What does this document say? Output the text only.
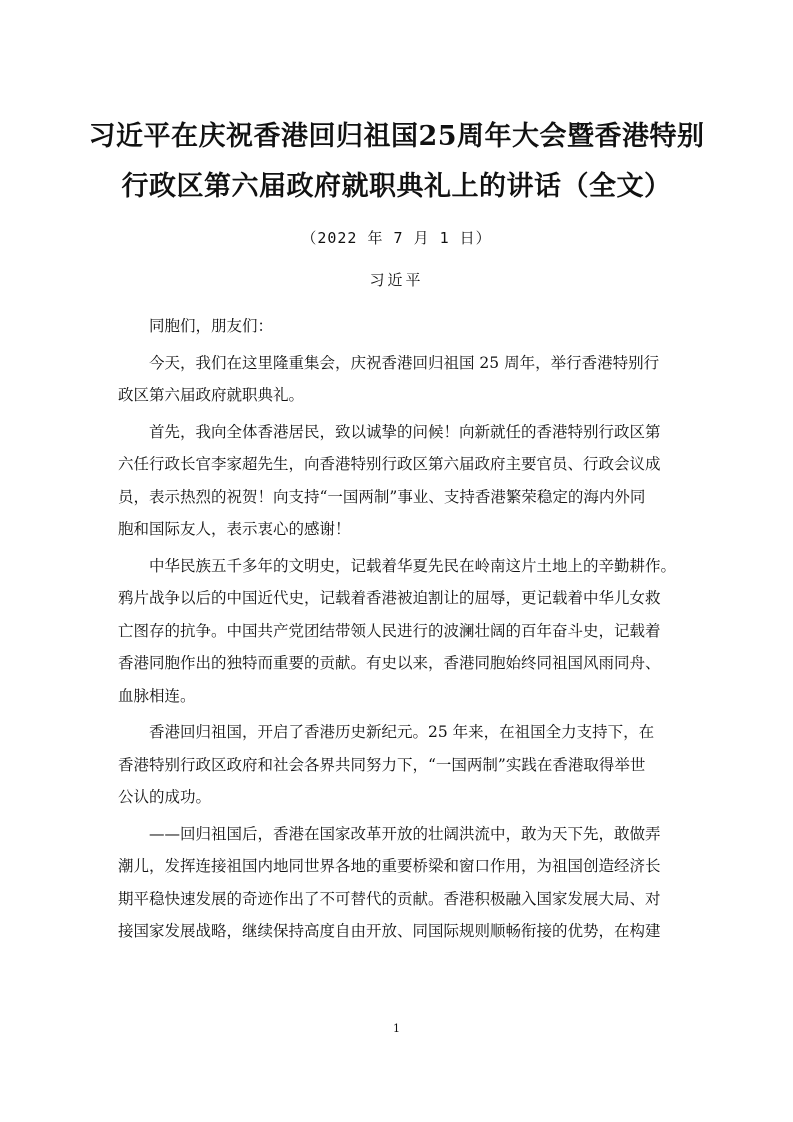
习近平在庆祝香港回归祖国25周年大会暨香港特别
行政区第六届政府就职典礼上的讲话（全文）
（2022 年 7 月 1 日）
习近平

同胞们，朋友们：

今天，我们在这里隆重集会，庆祝香港回归祖国 25 周年，举行香港特别行
政区第六届政府就职典礼。

首先，我向全体香港居民，致以诚挚的问候！向新就任的香港特别行政区第
六任行政长官李家超先生，向香港特别行政区第六届政府主要官员、行政会议成
员，表示热烈的祝贺！向支持“一国两制”事业、支持香港繁荣稳定的海内外同
胞和国际友人，表示衷心的感谢！

中华民族五千多年的文明史，记载着华夏先民在岭南这片土地上的辛勤耕作。
鸦片战争以后的中国近代史，记载着香港被迫割让的屈辱，更记载着中华儿女救
亡图存的抗争。中国共产党团结带领人民进行的波澜壮阔的百年奋斗史，记载着
香港同胞作出的独特而重要的贡献。有史以来，香港同胞始终同祖国风雨同舟、
血脉相连。

香港回归祖国，开启了香港历史新纪元。25 年来，在祖国全力支持下，在
香港特别行政区政府和社会各界共同努力下，“一国两制”实践在香港取得举世
公认的成功。

——回归祖国后，香港在国家改革开放的壮阔洪流中，敢为天下先，敢做弄
潮儿，发挥连接祖国内地同世界各地的重要桥梁和窗口作用，为祖国创造经济长
期平稳快速发展的奇迹作出了不可替代的贡献。香港积极融入国家发展大局、对
接国家发展战略，继续保持高度自由开放、同国际规则顺畅衔接的优势，在构建

1
